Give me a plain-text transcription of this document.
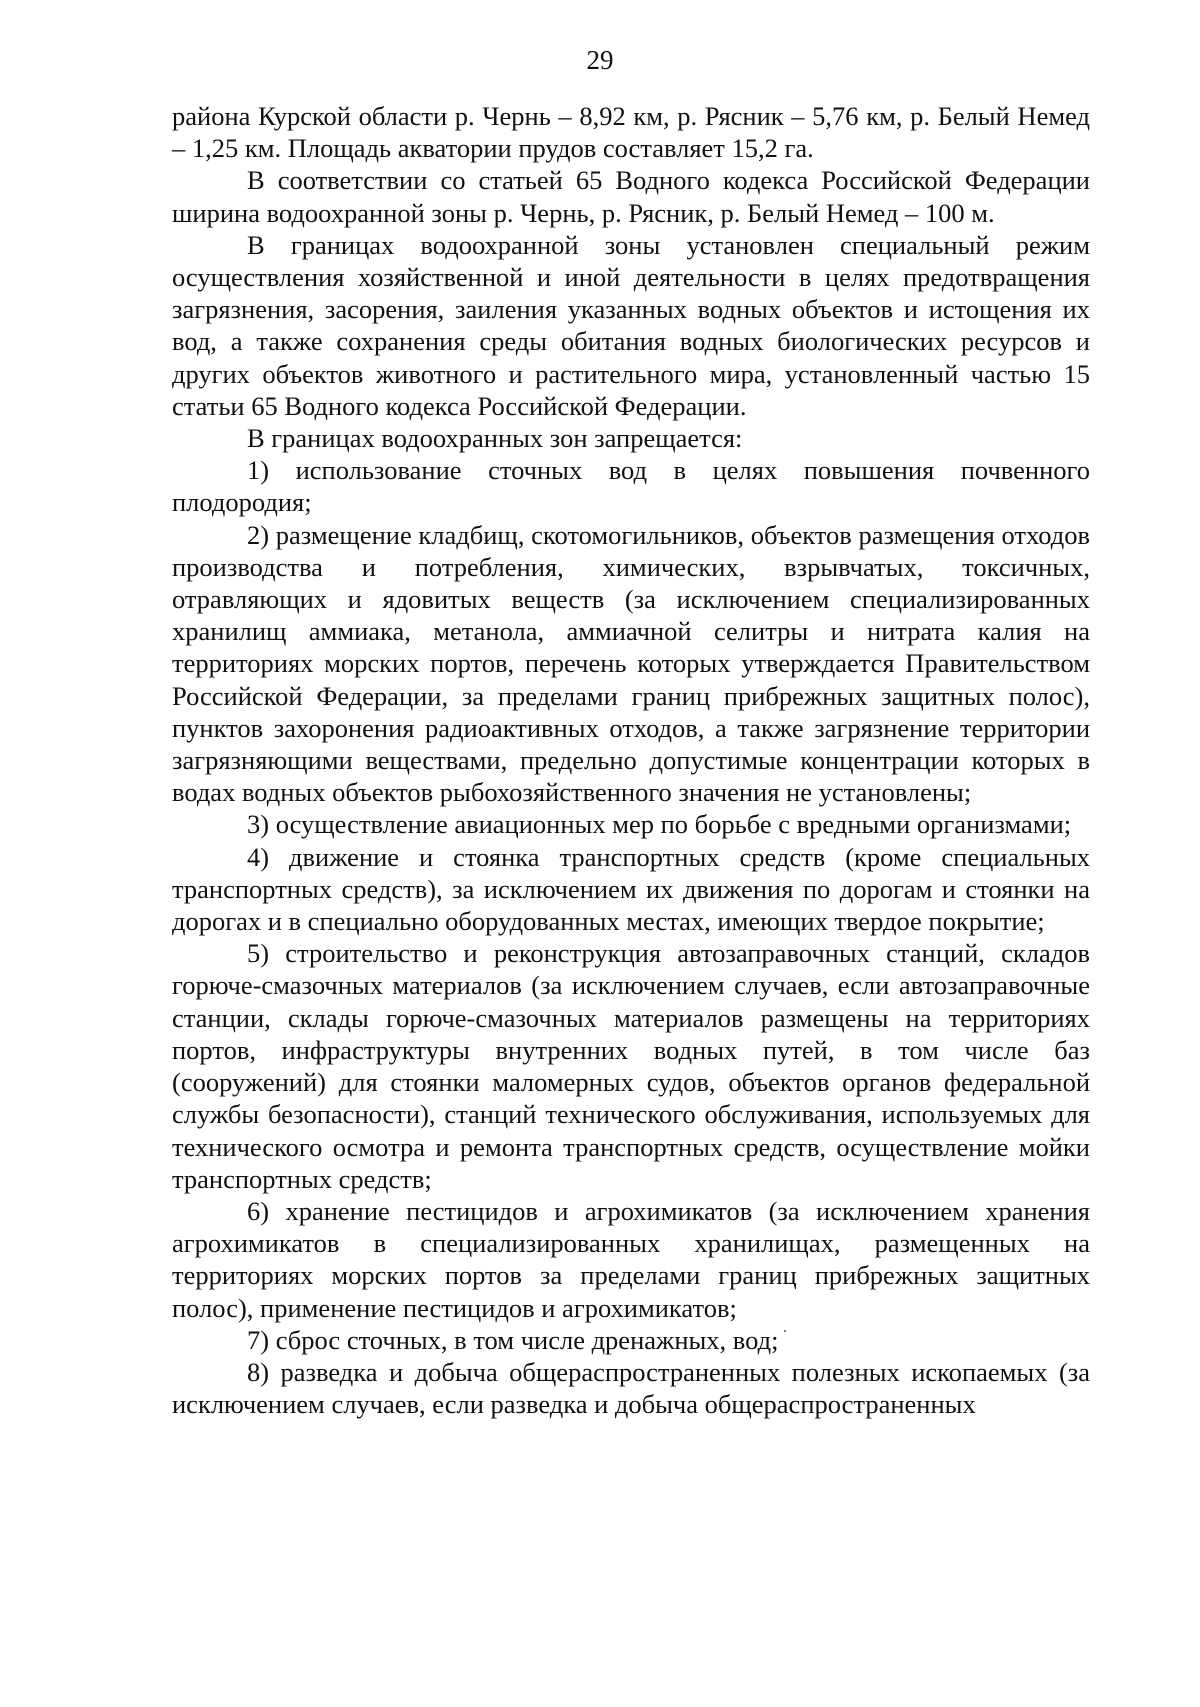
29

района Курской области р. Чернь – 8,92 км, р. Рясник – 5,76 км, р. Белый Немед – 1,25 км. Площадь акватории прудов составляет 15,2 га.

В соответствии со статьей 65 Водного кодекса Российской Федерации ширина водоохранной зоны р. Чернь, р. Рясник, р. Белый Немед – 100 м.

В границах водоохранной зоны установлен специальный режим осуществления хозяйственной и иной деятельности в целях предотвращения загрязнения, засорения, заиления указанных водных объектов и истощения их вод, а также сохранения среды обитания водных биологических ресурсов и других объектов животного и растительного мира, установленный частью 15 статьи 65 Водного кодекса Российской Федерации.

В границах водоохранных зон запрещается:

1) использование сточных вод в целях повышения почвенного плодородия;

2) размещение кладбищ, скотомогильников, объектов размещения отходов производства и потребления, химических, взрывчатых, токсичных, отравляющих и ядовитых веществ (за исключением специализированных хранилищ аммиака, метанола, аммиачной селитры и нитрата калия на территориях морских портов, перечень которых утверждается Правительством Российской Федерации, за пределами границ прибрежных защитных полос), пунктов захоронения радиоактивных отходов, а также загрязнение территории загрязняющими веществами, предельно допустимые концентрации которых в водах водных объектов рыбохозяйственного значения не установлены;

3) осуществление авиационных мер по борьбе с вредными организмами;

4) движение и стоянка транспортных средств (кроме специальных транспортных средств), за исключением их движения по дорогам и стоянки на дорогах и в специально оборудованных местах, имеющих твердое покрытие;

5) строительство и реконструкция автозаправочных станций, складов горюче-смазочных материалов (за исключением случаев, если автозаправочные станции, склады горюче-смазочных материалов размещены на территориях портов, инфраструктуры внутренних водных путей, в том числе баз (сооружений) для стоянки маломерных судов, объектов органов федеральной службы безопасности), станций технического обслуживания, используемых для технического осмотра и ремонта транспортных средств, осуществление мойки транспортных средств;

6) хранение пестицидов и агрохимикатов (за исключением хранения агрохимикатов в специализированных хранилищах, размещенных на территориях морских портов за пределами границ прибрежных защитных полос), применение пестицидов и агрохимикатов;

7) сброс сточных, в том числе дренажных, вод;

8) разведка и добыча общераспространенных полезных ископаемых (за исключением случаев, если разведка и добыча общераспространенных
